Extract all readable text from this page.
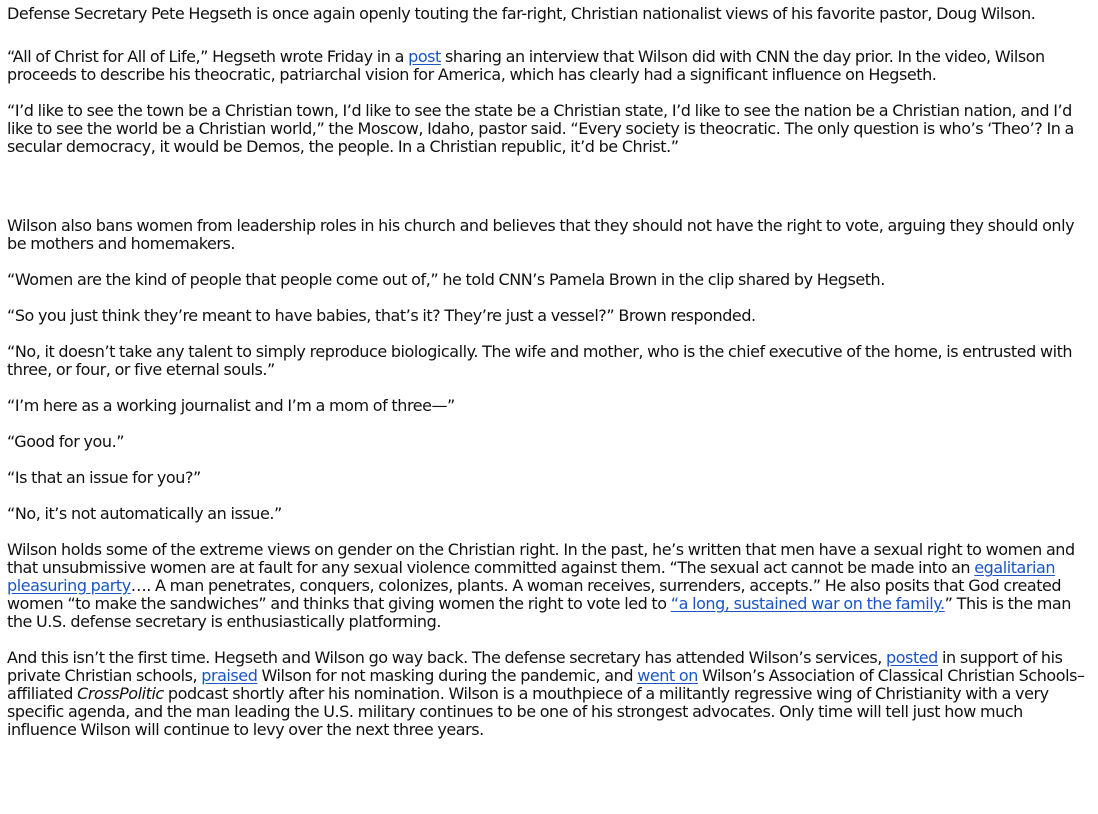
Defense Secretary Pete Hegseth is once again openly touting the far-right, Christian nationalist views of his favorite pastor, Doug Wilson.

“All of Christ for All of Life,” Hegseth wrote Friday in a post sharing an interview that Wilson did with CNN the day prior. In the video, Wilson proceeds to describe his theocratic, patriarchal vision for America, which has clearly had a significant influence on Hegseth.

“I’d like to see the town be a Christian town, I’d like to see the state be a Christian state, I’d like to see the nation be a Christian nation, and I’d like to see the world be a Christian world,” the Moscow, Idaho, pastor said. “Every society is theocratic. The only question is who’s ‘Theo’? In a secular democracy, it would be Demos, the people. In a Christian republic, it’d be Christ.”

Wilson also bans women from leadership roles in his church and believes that they should not have the right to vote, arguing they should only be mothers and homemakers.

“Women are the kind of people that people come out of,” he told CNN’s Pamela Brown in the clip shared by Hegseth.

“So you just think they’re meant to have babies, that’s it? They’re just a vessel?” Brown responded.

“No, it doesn’t take any talent to simply reproduce biologically. The wife and mother, who is the chief executive of the home, is entrusted with three, or four, or five eternal souls.”

“I’m here as a working journalist and I’m a mom of three—”

“Good for you.”

“Is that an issue for you?”

“No, it’s not automatically an issue.”

Wilson holds some of the extreme views on gender on the Christian right. In the past, he’s written that men have a sexual right to women and that unsubmissive women are at fault for any sexual violence committed against them. “The sexual act cannot be made into an egalitarian pleasuring party…. A man penetrates, conquers, colonizes, plants. A woman receives, surrenders, accepts.” He also posits that God created women “to make the sandwiches” and thinks that giving women the right to vote led to “a long, sustained war on the family.” This is the man the U.S. defense secretary is enthusiastically platforming.

And this isn’t the first time. Hegseth and Wilson go way back. The defense secretary has attended Wilson’s services, posted in support of his private Christian schools, praised Wilson for not masking during the pandemic, and went on Wilson’s Association of Classical Christian Schools–affiliated CrossPolitic podcast shortly after his nomination. Wilson is a mouthpiece of a militantly regressive wing of Christianity with a very specific agenda, and the man leading the U.S. military continues to be one of his strongest advocates. Only time will tell just how much influence Wilson will continue to levy over the next three years.
